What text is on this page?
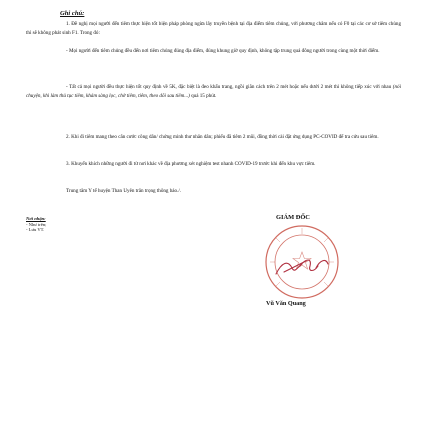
Ghi chú:

1. Đề nghị mọi người đến tiêm thực hiện tốt biện pháp phòng ngừa lây truyền bệnh tại địa điểm tiêm chủng, với phương châm nếu có F0 tại các cơ sở tiêm chủng thì sẽ không phát sinh F1. Trong đó:

- Mọi người đến tiêm chủng đều đến nơi tiêm chủng đúng địa điểm, đúng khung giờ quy định, không tập trung quá đông người trong cùng một thời điểm.

- Tất cả mọi người đều thực hiện tốt quy định về 5K, đặc biệt là đeo khẩu trang, ngồi giãn cách trên 2 mét hoặc nếu dưới 2 mét thì không tiếp xúc với nhau (nói chuyện, khi làm thủ tục tiêm, khám sàng lọc, chờ tiêm, tiêm, theo dõi sau tiêm...) quá 15 phút.

2. Khi đi tiêm mang theo căn cước công dân/ chứng minh thư nhân dân; phiếu đã tiêm 2 mũi, đồng thời cài đặt ứng dụng PC-COVID để tra cứu sau tiêm.

3. Khuyến khích những người đi từ nơi khác về địa phương xét nghiệm test nhanh COVID-19 trước khi đến khu vực tiêm.

Trung tâm Y tế huyện Than Uyên trân trọng thông báo./.

Nơi nhận:
- Như trên;
- Lưu VT.
GIÁM ĐỐC
Vũ Văn Quang
